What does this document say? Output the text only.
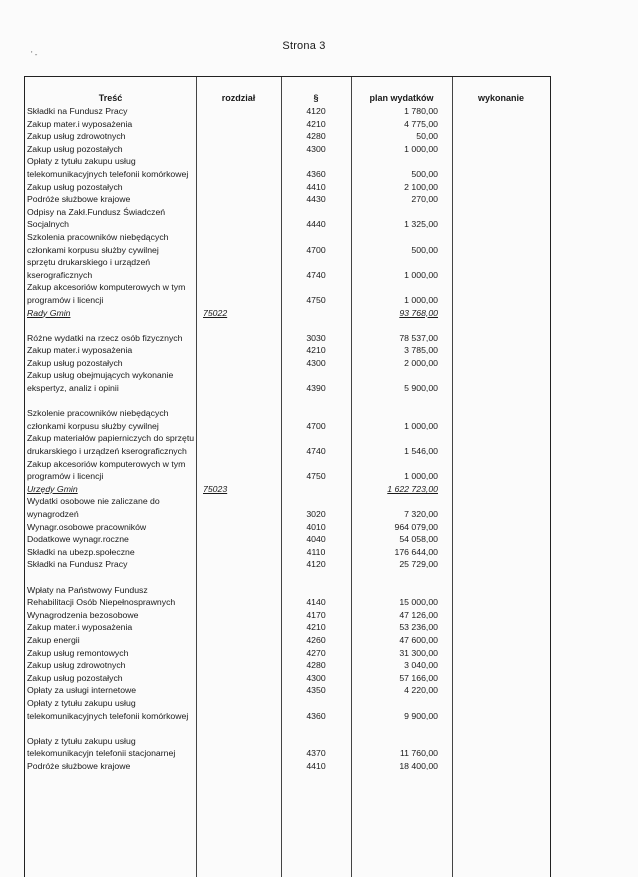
Strona 3
' -
Treść	rozdział	§	plan wydatków	wykonanie
Składki na Fundusz Pracy	4120	1 780,00
Zakup mater.i wyposażenia	4210	4 775,00
Zakup usług zdrowotnych	4280	50,00
Zakup usług pozostałych	4300	1 000,00
Opłaty z tytułu zakupu usług telekomunikacyjnych telefonii komórkowej	4360	500,00
Zakup usług pozostałych	4410	2 100,00
Podróże służbowe krajowe	4430	270,00
Odpisy na Zakł.Fundusz Świadczeń Socjalnych	4440	1 325,00
Szkolenia pracowników niebędących członkami korpusu służby cywilnej	4700	500,00
sprzętu drukarskiego i urządzeń kserograficznych	4740	1 000,00
Zakup akcesoriów komputerowych w tym programów i licencji	4750	1 000,00
Rady Gmin	75022	93 768,00
Różne wydatki na rzecz osób fizycznych	3030	78 537,00
Zakup mater.i wyposażenia	4210	3 785,00
Zakup usług pozostałych	4300	2 000,00
Zakup usług obejmujących wykonanie ekspertyz, analiz i opinii	4390	5 900,00
Szkolenie pracowników niebędących członkami korpusu służby cywilnej	4700	1 000,00
Zakup materiałów papierniczych do sprzętu drukarskiego i urządzeń kserograficznych	4740	1 546,00
Zakup akcesoriów komputerowych w tym programów i licencji	4750	1 000,00
Urzędy Gmin	75023	1 622 723,00
Wydatki osobowe nie zaliczane do wynagrodzeń	3020	7 320,00
Wynagr.osobowe pracowników	4010	964 079,00
Dodatkowe wynagr.roczne	4040	54 058,00
Składki na ubezp.społeczne	4110	176 644,00
Składki na Fundusz Pracy	4120	25 729,00
Wpłaty na Państwowy Fundusz Rehabilitacji Osób Niepełnosprawnych	4140	15 000,00
Wynagrodzenia bezosobowe	4170	47 126,00
Zakup mater.i wyposażenia	4210	53 236,00
Zakup energii	4260	47 600,00
Zakup usług remontowych	4270	31 300,00
Zakup usług zdrowotnych	4280	3 040,00
Zakup usług pozostałych	4300	57 166,00
Opłaty za usługi internetowe	4350	4 220,00
Opłaty z tytułu zakupu usług telekomunikacyjnych telefonii komórkowej	4360	9 900,00
Opłaty z tytułu zakupu usług telekomunikacyjn telefonii stacjonarnej	4370	11 760,00
Podróże służbowe krajowe	4410	18 400,00
